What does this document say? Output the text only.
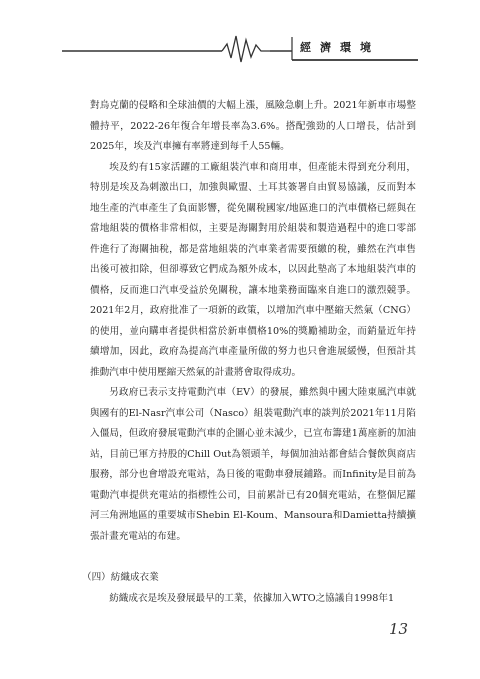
經濟環境

對烏克蘭的侵略和全球油價的大幅上漲，風險急劇上升。2021年新車市場整體持平，2022-26年復合年增長率為3.6%。搭配強勁的人口增長，估計到2025年，埃及汽車擁有率將達到每千人55輛。

埃及約有15家活躍的工廠組裝汽車和商用車，但產能未得到充分利用，特別是埃及為刺激出口，加強與歐盟、土耳其簽署自由貿易協議，反而對本地生產的汽車產生了負面影響，從免關稅國家/地區進口的汽車價格已經與在當地組裝的價格非常相似，主要是海關對用於組裝和製造過程中的進口零部件進行了海關抽稅，都是當地組裝的汽車業者需要預繳的稅，雖然在汽車售出後可被扣除，但卻導致它們成為額外成本，以因此墊高了本地組裝汽車的價格，反而進口汽車受益於免關稅，讓本地業務面臨來自進口的激烈競爭。2021年2月，政府批准了一項新的政策，以增加汽車中壓縮天然氣（CNG）的使用，並向購車者提供相當於新車價格10%的獎勵補助金，而銷量近年持續增加，因此，政府為提高汽車產量所做的努力也只會進展緩慢，但預計其推動汽車中使用壓縮天然氣的計畫將會取得成功。

另政府已表示支持電動汽車（EV）的發展，雖然與中國大陸東風汽車就與國有的El-Nasr汽車公司（Nasco）組裝電動汽車的談判於2021年11月陷入僵局，但政府發展電動汽車的企圖心並未減少，已宣布籌建1萬座新的加油站，目前已軍方持股的Chill Out為領頭羊，每個加油站都會結合餐飲與商店服務，部分也會增設充電站，為日後的電動車發展鋪路。而Infinity是目前為電動汽車提供充電站的指標性公司，目前累計已有20個充電站，在整個尼羅河三角洲地區的重要城市Shebin El-Koum、Mansoura和Damietta持續擴張計畫充電站的布建。

（四）紡織成衣業

紡織成衣是埃及發展最早的工業，依據加入WTO之協議自1998年1

13
